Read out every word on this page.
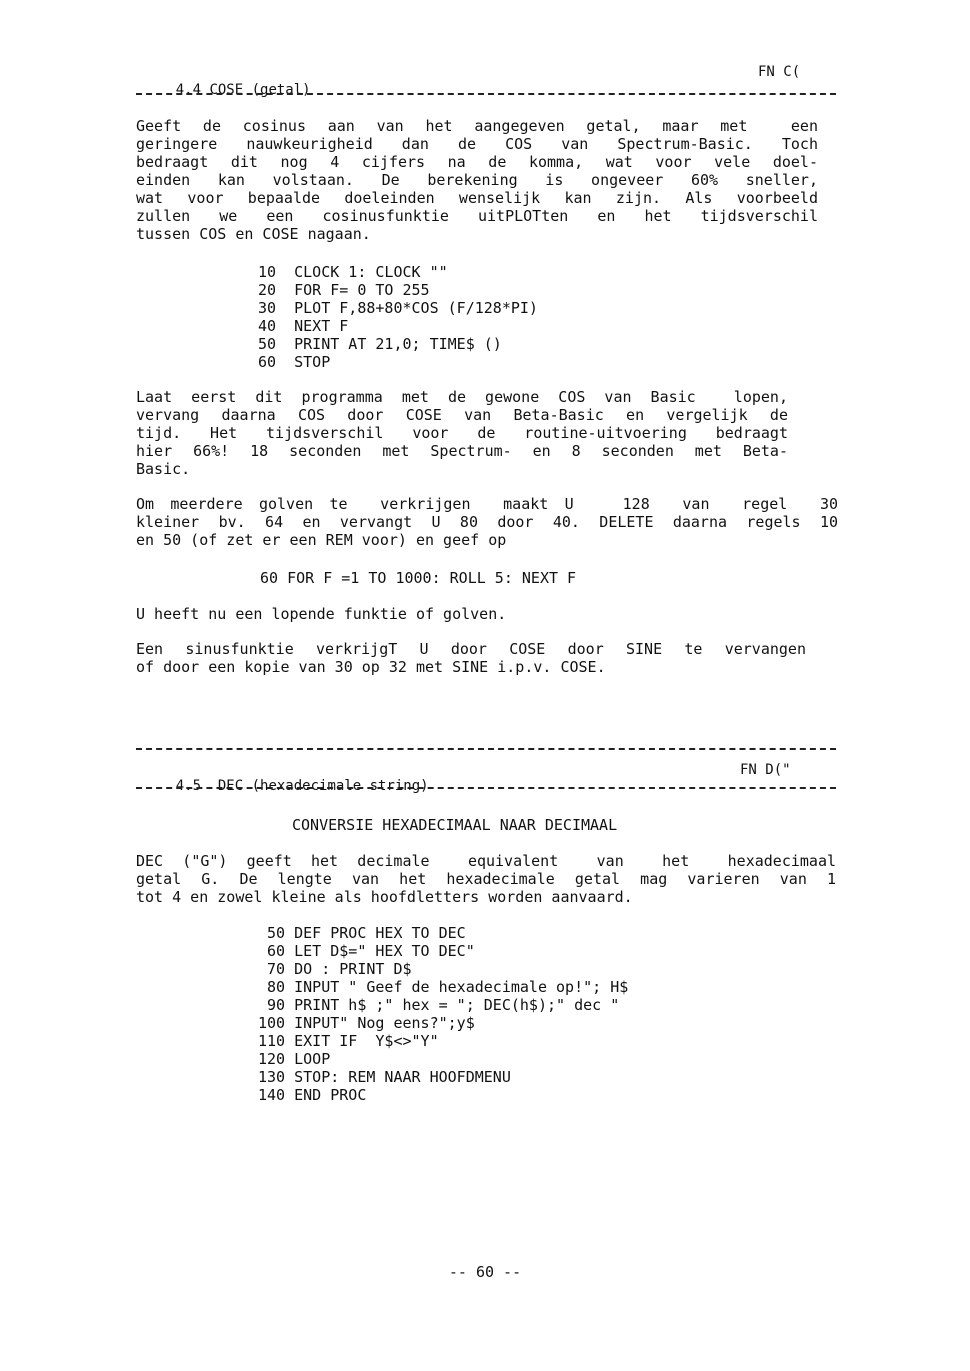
4.4 COSE (getal)

FN C(
Geeft de cosinus aan van het aangegeven getal, maar met  een
geringere nauwkeurigheid dan de COS van Spectrum-Basic. Toch
bedraagt dit nog 4 cijfers na de komma, wat voor vele doel-
einden kan volstaan. De berekening is ongeveer 60% sneller,
wat voor bepaalde doeleinden wenselijk kan zijn. Als voorbeeld
zullen we een cosinusfunktie uitPLOTten en het tijdsverschil
tussen COS en COSE nagaan.
10  CLOCK 1: CLOCK ""
20  FOR F= 0 TO 255
30  PLOT F,88+80*COS (F/128*PI)
40  NEXT F
50  PRINT AT 21,0; TIME$ ()
60  STOP
Laat eerst dit programma met de gewone COS van Basic  lopen,
vervang daarna COS door COSE van Beta-Basic en vergelijk de
tijd. Het tijdsverschil voor de routine-uitvoering bedraagt
hier 66%! 18 seconden met Spectrum- en 8 seconden met Beta-
Basic.
Om meerdere golven te  verkrijgen  maakt U   128  van  regel  30
kleiner bv. 64 en vervangt U 80 door 40. DELETE daarna regels 10
en 50 (of zet er een REM voor) en geef op
60 FOR F =1 TO 1000: ROLL 5: NEXT F
U heeft nu een lopende funktie of golven.
Een sinusfunktie verkrijgT U door COSE door SINE te vervangen
of door een kopie van 30 op 32 met SINE i.p.v. COSE.

4.5 DEC (hexadecimale string)

FN D("
CONVERSIE HEXADECIMAAL NAAR DECIMAAL
DEC ("G") geeft het decimale  equivalent  van  het  hexadecimaal
getal G. De lengte van het hexadecimale getal mag varieren van 1
tot 4 en zowel kleine als hoofdletters worden aanvaard.
50 DEF PROC HEX TO DEC
60 LET D$=" HEX TO DEC"
70 DO : PRINT D$
80 INPUT " Geef de hexadecimale op!"; H$
90 PRINT h$ ;" hex = "; DEC(h$);" dec "
100 INPUT" Nog eens?";y$
110 EXIT IF  Y$<>"Y"
120 LOOP
130 STOP: REM NAAR HOOFDMENU
140 END PROC
-- 60 --
